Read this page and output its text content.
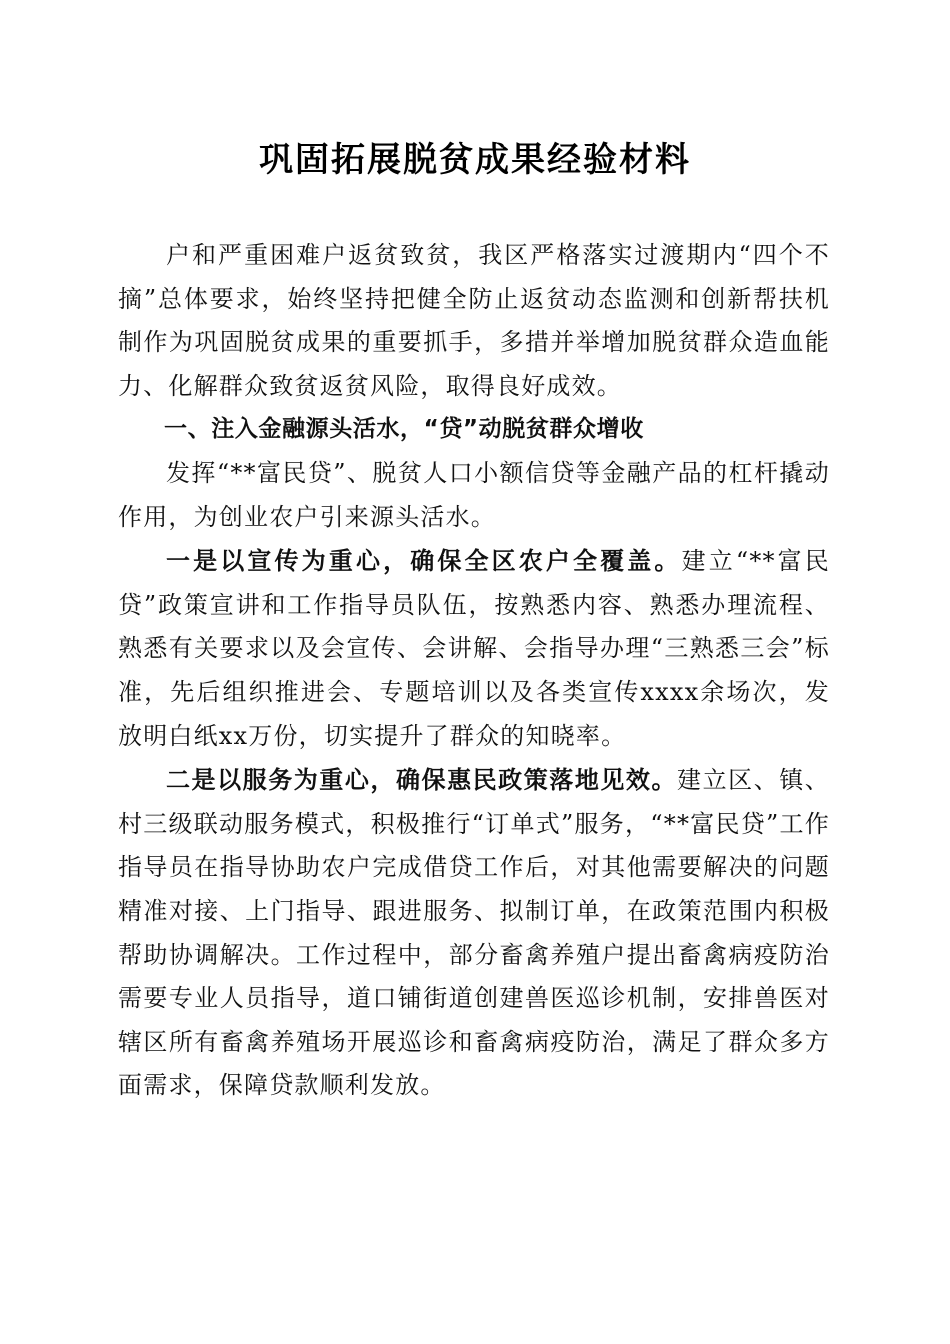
巩固拓展脱贫成果经验材料

户和严重困难户返贫致贫，我区严格落实过渡期内“四个不摘”总体要求，始终坚持把健全防止返贫动态监测和创新帮扶机制作为巩固脱贫成果的重要抓手，多措并举增加脱贫群众造血能力、化解群众致贫返贫风险，取得良好成效。

一、注入金融源头活水，“贷”动脱贫群众增收

发挥“**富民贷”、脱贫人口小额信贷等金融产品的杠杆撬动作用，为创业农户引来源头活水。

一是以宣传为重心，确保全区农户全覆盖。建立“**富民贷”政策宣讲和工作指导员队伍，按熟悉内容、熟悉办理流程、熟悉有关要求以及会宣传、会讲解、会指导办理“三熟悉三会”标准，先后组织推进会、专题培训以及各类宣传xxxx余场次，发放明白纸xx万份，切实提升了群众的知晓率。

二是以服务为重心，确保惠民政策落地见效。建立区、镇、村三级联动服务模式，积极推行“订单式”服务，“**富民贷”工作指导员在指导协助农户完成借贷工作后，对其他需要解决的问题精准对接、上门指导、跟进服务、拟制订单，在政策范围内积极帮助协调解决。工作过程中，部分畜禽养殖户提出畜禽病疫防治需要专业人员指导，道口铺街道创建兽医巡诊机制，安排兽医对辖区所有畜禽养殖场开展巡诊和畜禽病疫防治，满足了群众多方面需求，保障贷款顺利发放。
